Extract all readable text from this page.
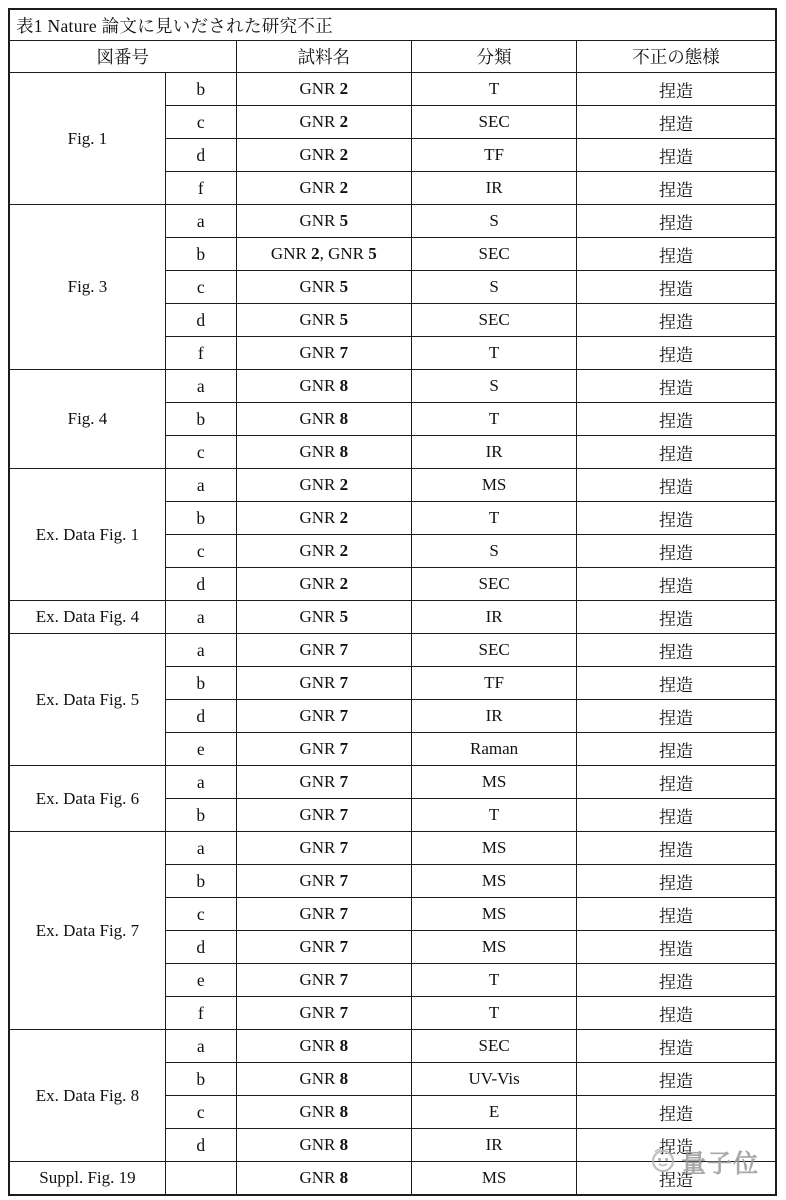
表1 Nature 論文に見いだされた研究不正				
図番号		試料名	分類	不正の態様
Fig. 1	b	GNR 2	T	捏造
	c	GNR 2	SEC	捏造
	d	GNR 2	TF	捏造
	f	GNR 2	IR	捏造
Fig. 3	a	GNR 5	S	捏造
	b	GNR 2, GNR 5	SEC	捏造
	c	GNR 5	S	捏造
	d	GNR 5	SEC	捏造
	f	GNR 7	T	捏造
Fig. 4	a	GNR 8	S	捏造
	b	GNR 8	T	捏造
	c	GNR 8	IR	捏造
Ex. Data Fig. 1	a	GNR 2	MS	捏造
	b	GNR 2	T	捏造
	c	GNR 2	S	捏造
	d	GNR 2	SEC	捏造
Ex. Data Fig. 4	a	GNR 5	IR	捏造
Ex. Data Fig. 5	a	GNR 7	SEC	捏造
	b	GNR 7	TF	捏造
	d	GNR 7	IR	捏造
	e	GNR 7	Raman	捏造
Ex. Data Fig. 6	a	GNR 7	MS	捏造
	b	GNR 7	T	捏造
Ex. Data Fig. 7	a	GNR 7	MS	捏造
	b	GNR 7	MS	捏造
	c	GNR 7	MS	捏造
	d	GNR 7	MS	捏造
	e	GNR 7	T	捏造
	f	GNR 7	T	捏造
Ex. Data Fig. 8	a	GNR 8	SEC	捏造
	b	GNR 8	UV-Vis	捏造
	c	GNR 8	E	捏造
	d	GNR 8	IR	捏造
Suppl. Fig. 19		GNR 8	MS	捏造
量子位
